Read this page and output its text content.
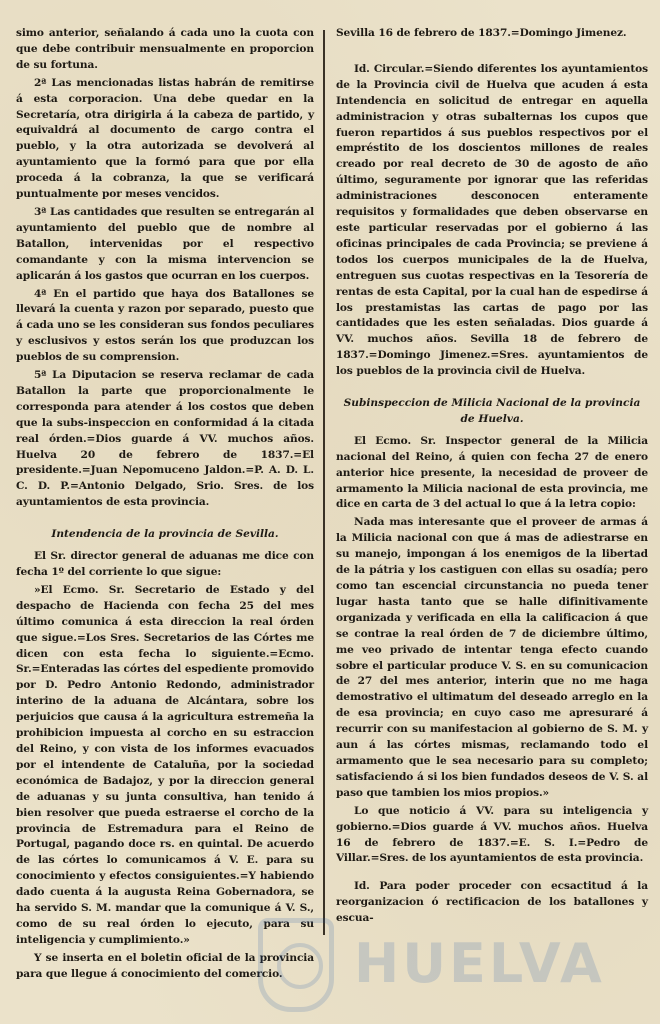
simo anterior, señalando á cada uno la cuota con que debe contribuir mensualmente en proporcion de su fortuna.

2ª Las mencionadas listas habrán de remitirse á esta corporacion. Una debe quedar en la Secretaría, otra dirigirla á la cabeza de partido, y equivaldrá al documento de cargo contra el pueblo, y la otra autorizada se devolverá al ayuntamiento que la formó para que por ella proceda á la cobranza, la que se verificará puntualmente por meses vencidos.

3ª Las cantidades que resulten se entregarán al ayuntamiento del pueblo que de nombre al Batallon, intervenidas por el respectivo comandante y con la misma intervencion se aplicarán á los gastos que ocurran en los cuerpos.

4ª En el partido que haya dos Batallones se llevará la cuenta y razon por separado, puesto que á cada uno se les consideran sus fondos peculiares y esclusivos y estos serán los que produzcan los pueblos de su comprension.

5ª La Diputacion se reserva reclamar de cada Batallon la parte que proporcionalmente le corresponda para atender á los costos que deben que la subs-inspeccion en conformidad á la citada real órden.=Dios guarde á VV. muchos años. Huelva 20 de febrero de 1837.=El presidente.=Juan Nepomuceno Jaldon.=P. A. D. L. C. D. P.=Antonio Delgado, Srio. Sres. de los ayuntamientos de esta provincia.

Intendencia de la provincia de Sevilla.

El Sr. director general de aduanas me dice con fecha 1º del corriente lo que sigue:

»El Ecmo. Sr. Secretario de Estado y del despacho de Hacienda con fecha 25 del mes último comunica á esta direccion la real órden que sigue.=Los Sres. Secretarios de las Córtes me dicen con esta fecha lo siguiente.=Ecmo. Sr.=Enteradas las córtes del espediente promovido por D. Pedro Antonio Redondo, administrador interino de la aduana de Alcántara, sobre los perjuicios que causa á la agricultura estremeña la prohibicion impuesta al corcho en su estraccion del Reino, y con vista de los informes evacuados por el intendente de Cataluña, por la sociedad económica de Badajoz, y por la direccion general de aduanas y su junta consultiva, han tenido á bien resolver que pueda estraerse el corcho de la provincia de Estremadura para el Reino de Portugal, pagando doce rs. en quintal. De acuerdo de las córtes lo comunicamos á V. E. para su conocimiento y efectos consiguientes.=Y habiendo dado cuenta á la augusta Reina Gobernadora, se ha servido S. M. mandar que la comunique á V. S., como de su real órden lo ejecuto, para su inteligencia y cumplimiento.»

Y se inserta en el boletin oficial de la provincia para que llegue á conocimiento del comercio.

Sevilla 16 de febrero de 1837.=Domingo Jimenez.

Id. Circular.=Siendo diferentes los ayuntamientos de la Provincia civil de Huelva que acuden á esta Intendencia en solicitud de entregar en aquella administracion y otras subalternas los cupos que fueron repartidos á sus pueblos respectivos por el empréstito de los doscientos millones de reales creado por real decreto de 30 de agosto de año último, seguramente por ignorar que las referidas administraciones desconocen enteramente requisitos y formalidades que deben observarse en este particular reservadas por el gobierno á las oficinas principales de cada Provincia; se previene á todos los cuerpos municipales de la de Huelva, entreguen sus cuotas respectivas en la Tesorería de rentas de esta Capital, por la cual han de espedirse á los prestamistas las cartas de pago por las cantidades que les esten señaladas. Dios guarde á VV. muchos años. Sevilla 18 de febrero de 1837.=Domingo Jimenez.=Sres. ayuntamientos de los pueblos de la provincia civil de Huelva.

Subinspeccion de Milicia Nacional de la provincia de Huelva.

El Ecmo. Sr. Inspector general de la Milicia nacional del Reino, á quien con fecha 27 de enero anterior hice presente, la necesidad de proveer de armamento la Milicia nacional de esta provincia, me dice en carta de 3 del actual lo que á la letra copio:

Nada mas interesante que el proveer de armas á la Milicia nacional con que á mas de adiestrarse en su manejo, impongan á los enemigos de la libertad de la pátria y los castiguen con ellas su osadía; pero como tan escencial circunstancia no pueda tener lugar hasta tanto que se halle difinitivamente organizada y verificada en ella la calificacion á que se contrae la real órden de 7 de diciembre último, me veo privado de intentar tenga efecto cuando sobre el particular produce V. S. en su comunicacion de 27 del mes anterior, interin que no me haga demostrativo el ultimatum del deseado arreglo en la de esa provincia; en cuyo caso me apresuraré á recurrir con su manifestacion al gobierno de S. M. y aun á las córtes mismas, reclamando todo el armamento que le sea necesario para su completo; satisfaciendo á si los bien fundados deseos de V. S. al paso que tambien los mios propios.»

Lo que noticio á VV. para su inteligencia y gobierno.=Dios guarde á VV. muchos años. Huelva 16 de febrero de 1837.=E. S. I.=Pedro de Villar.=Sres. de los ayuntamientos de esta provincia.

Id. Para poder proceder con ecsactitud á la reorganizacion ó rectificacion de los batallones y escua-

HUELVA
